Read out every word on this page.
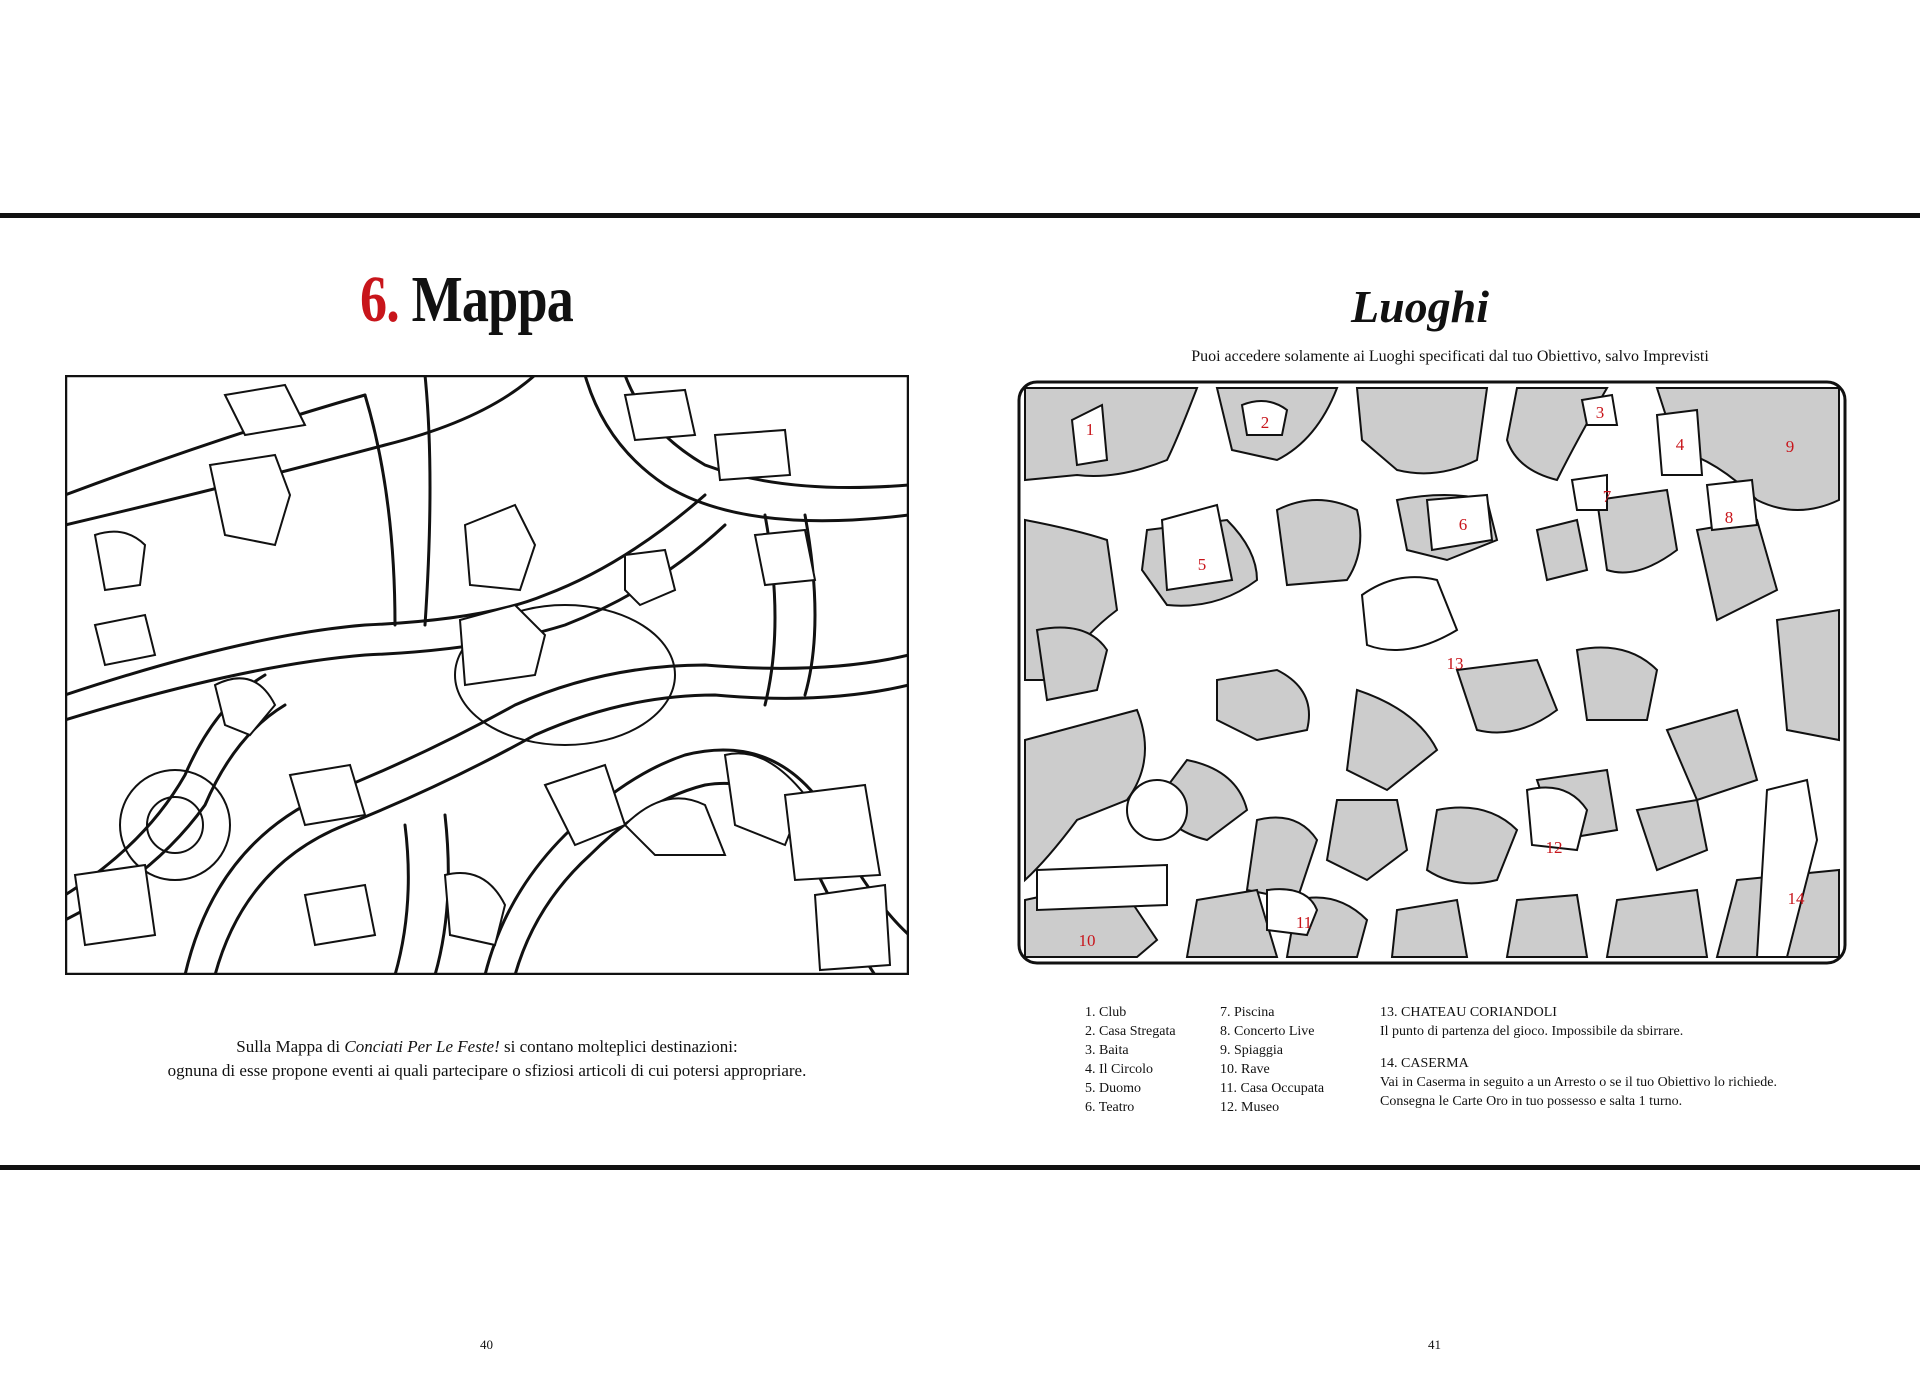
6. Mappa
Sulla Mappa di Conciati Per Le Feste! si contano molteplici destinazioni:
ognuna di esse propone eventi ai quali partecipare o sfiziosi articoli di cui potersi appropriare.
40
Luoghi
Puoi accedere solamente ai Luoghi specificati dal tuo Obiettivo, salvo Imprevisti
1	2
3
4
5
6
7
8
9
10
11
12
13
14
1. Club
2. Casa Stregata
3. Baita
4. Il Circolo
5. Duomo
6. Teatro
7. Piscina
8. Concerto Live
9. Spiaggia
10. Rave
11. Casa Occupata
12. Museo
13. CHATEAU CORIANDOLI
Il punto di partenza del gioco. Impossibile da sbirrare.
14. CASERMA
Vai in Caserma in seguito a un Arresto o se il tuo Obiettivo lo richiede.
Consegna le Carte Oro in tuo possesso e salta 1 turno.
41
